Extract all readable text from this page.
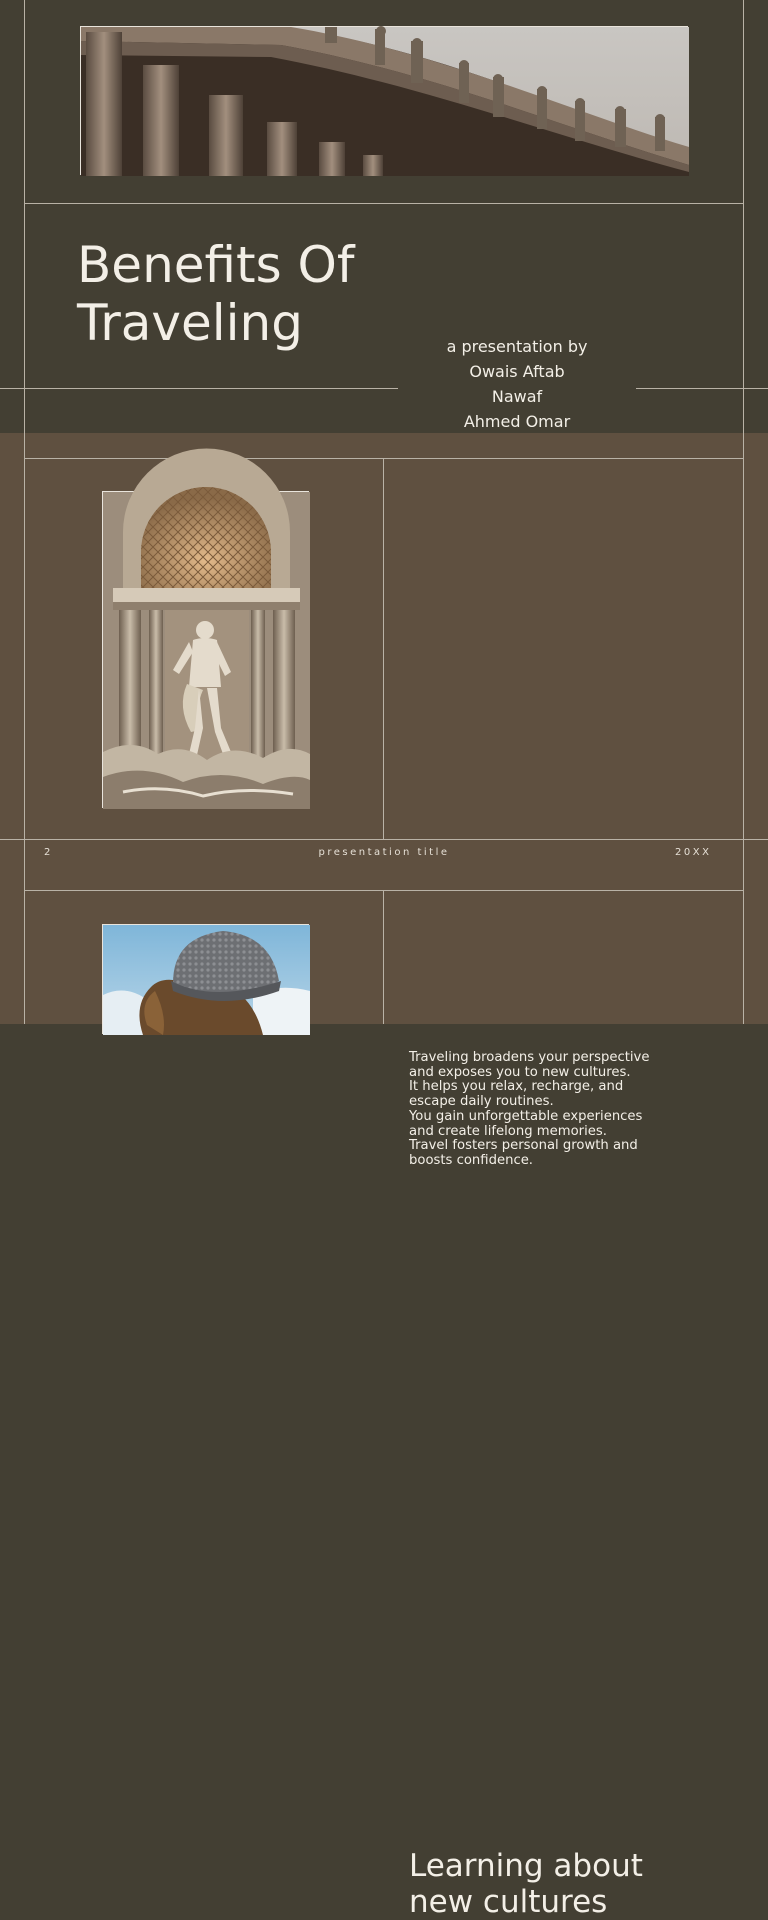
Benefits Of
Traveling	a presentation by
Owais Aftab
Nawaf
Ahmed Omar
Traveling broadens your perspective
and exposes you to new cultures.
It helps you relax, recharge, and
escape daily routines.
You gain unforgettable experiences
and create lifelong memories.
Travel fosters personal growth and
boosts confidence.
2	presentation title	20XX
Learning about
new cultures
